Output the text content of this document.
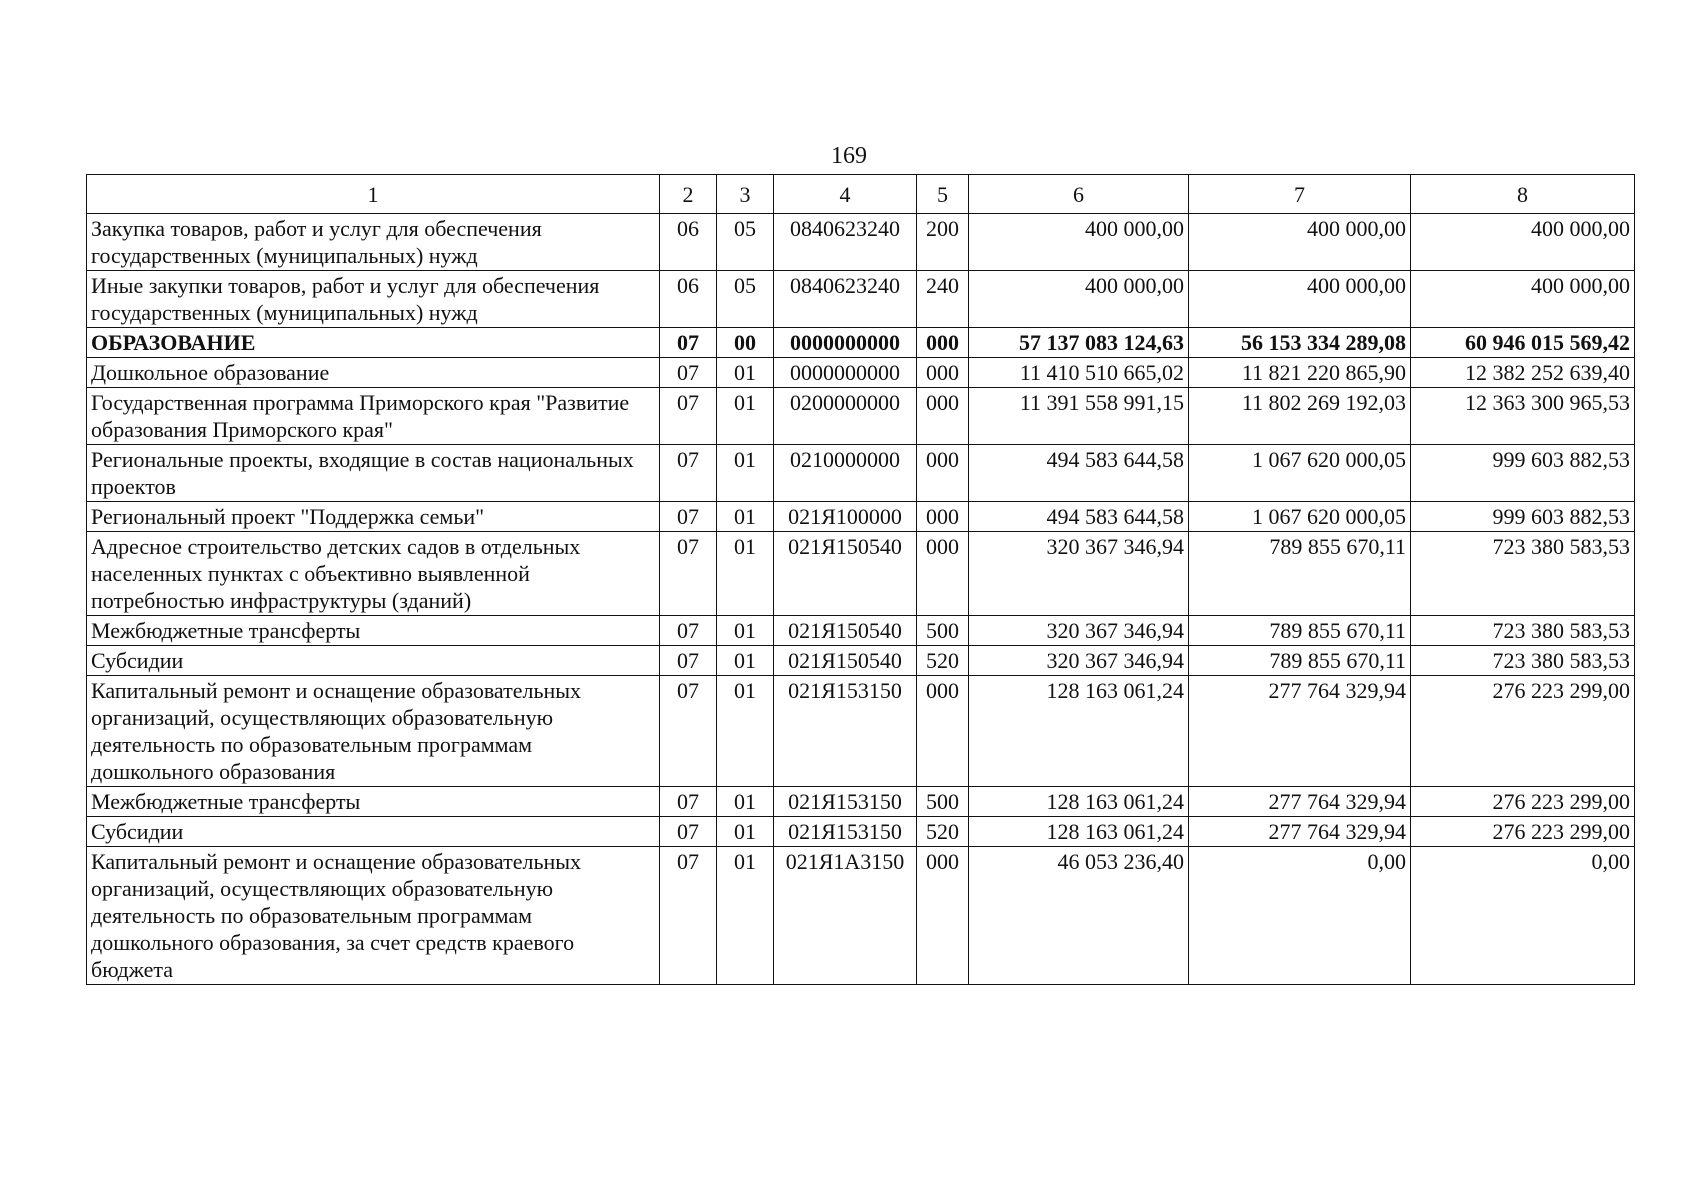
169
1	2	3	4	5	6	7	8
Закупка товаров, работ и услуг для обеспечения государственных (муниципальных) нужд	06	05	0840623240	200	400 000,00	400 000,00	400 000,00
Иные закупки товаров, работ и услуг для обеспечения государственных (муниципальных) нужд	06	05	0840623240	240	400 000,00	400 000,00	400 000,00
ОБРАЗОВАНИЕ	07	00	0000000000	000	57 137 083 124,63	56 153 334 289,08	60 946 015 569,42
Дошкольное образование	07	01	0000000000	000	11 410 510 665,02	11 821 220 865,90	12 382 252 639,40
Государственная программа Приморского края "Развитие образования Приморского края"	07	01	0200000000	000	11 391 558 991,15	11 802 269 192,03	12 363 300 965,53
Региональные проекты, входящие в состав национальных проектов	07	01	0210000000	000	494 583 644,58	1 067 620 000,05	999 603 882,53
Региональный проект "Поддержка семьи"	07	01	021Я100000	000	494 583 644,58	1 067 620 000,05	999 603 882,53
Адресное строительство детских садов в отдельных населенных пунктах с объективно выявленной потребностью инфраструктуры (зданий)	07	01	021Я150540	000	320 367 346,94	789 855 670,11	723 380 583,53
Межбюджетные трансферты	07	01	021Я150540	500	320 367 346,94	789 855 670,11	723 380 583,53
Субсидии	07	01	021Я150540	520	320 367 346,94	789 855 670,11	723 380 583,53
Капитальный ремонт и оснащение образовательных организаций, осуществляющих образовательную деятельность по образовательным программам дошкольного образования	07	01	021Я153150	000	128 163 061,24	277 764 329,94	276 223 299,00
Межбюджетные трансферты	07	01	021Я153150	500	128 163 061,24	277 764 329,94	276 223 299,00
Субсидии	07	01	021Я153150	520	128 163 061,24	277 764 329,94	276 223 299,00
Капитальный ремонт и оснащение образовательных организаций, осуществляющих образовательную деятельность по образовательным программам дошкольного образования, за счет средств краевого бюджета	07	01	021Я1А3150	000	46 053 236,40	0,00	0,00
